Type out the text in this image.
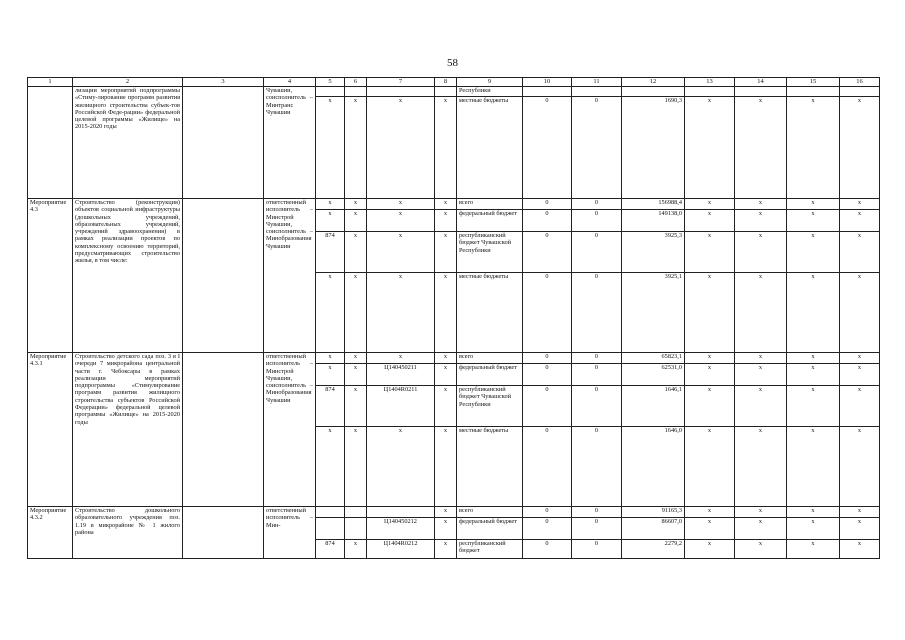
58
1	2	3	4	5	6	7	8	9	10	11	12	13	14	15	16
	лизации мероприятий подпрограммы «Стиму-лирование программ развития жилищного строительства субъек-тов Российской Феде-рации» федеральной целевой программы «Жилище» на 2015-2020 годы		Чувашии, соисполнитель – Минтранс Чувашии					Республики							
				x	x	x	x	местные бюджеты	0	0	1690,3	x	x	x	x
Мероприятие 4.3	Строительство (реконструкция) объектов социальной инфраструктуры (дошкольных учреждений, образовательных учреждений, учреждений здравоохранения) в рамках реализации проектов по комплексному освоению территорий, предусматривающих строительство жилья, в том числе:		ответственный исполнитель – Минстрой Чувашии, соисполнитель – Минобразования Чувашии	x	x	x	x	всего	0	0	156988,4	x	x	x	x
				x	x	x	x	федеральный бюджет	0	0	149138,0	x	x	x	x
				874	x	x	x	республиканский бюджет Чувашской Республики	0	0	3925,3	x	x	x	x
				x	x	x	x	местные бюджеты	0	0	3925,1	x	x	x	x
Мероприятие 4.3.1	Строительство детского сада поз. 3 в I очереди 7 микрорайона центральной части г. Чебоксары в рамках реализации мероприятий подпрограммы «Стимулирование программ развития жилищного строительства субъектов Российской Федерации» федеральной целевой программы «Жилище» на 2015-2020 годы		ответственный исполнитель – Минстрой Чувашии, соисполнитель – Минобразования Чувашии	x	x	x	x	всего	0	0	65823,1	x	x	x	x
				x	x	Ц140450211	x	федеральный бюджет	0	0	62531,0	x	x	x	x
				874	x	Ц1404R0211	x	республиканский бюджет Чувашской Республики	0	0	1646,1	x	x	x	x
				x	x	x	x	местные бюджеты	0	0	1646,0	x	x	x	x
Мероприятие 4.3.2	Строительство дошкольного образовательного учреждения поз. 1.19 в микрорайоне № 1 жилого района		ответственный исполнитель – Мин-				x	всего	0	0	91165,3	x	x	x	x
						Ц140450212	x	федеральный бюджет	0	0	86607,0	x	x	x	x
				874	x	Ц1404R0212	x	республиканский бюджет	0	0	2279,2	x	x	x	x
